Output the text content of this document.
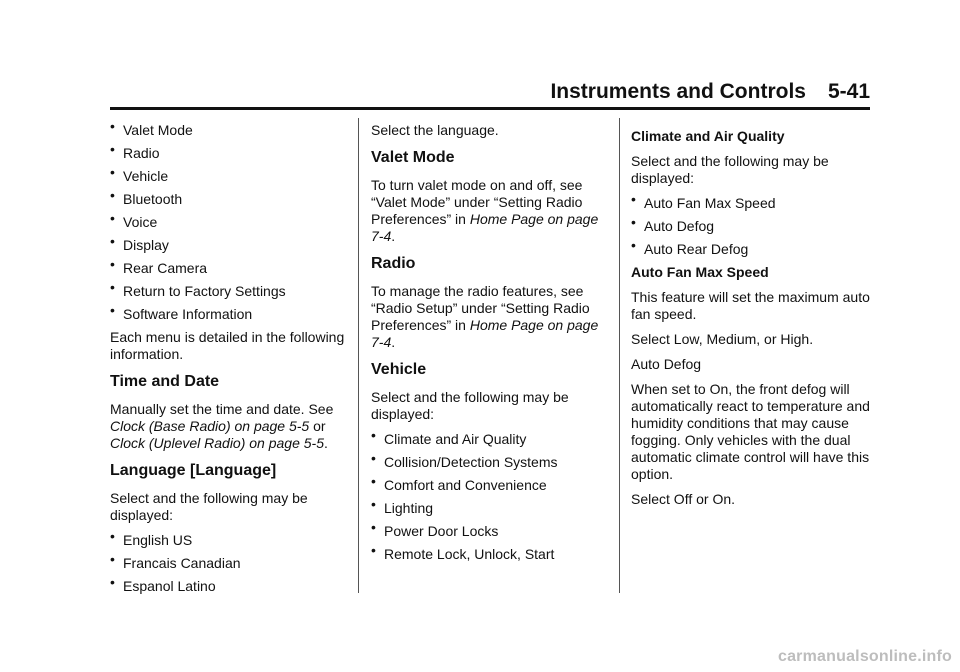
Instruments and Controls 5-41
• Valet Mode
• Radio
• Vehicle
• Bluetooth
• Voice
• Display
• Rear Camera
• Return to Factory Settings
• Software Information

Each menu is detailed in the following information.

Time and Date

Manually set the time and date. See Clock (Base Radio) on page 5-5 or Clock (Uplevel Radio) on page 5-5.

Language [Language]

Select and the following may be displayed:

• English US
• Francais Canadian
• Espanol Latino

Select the language.

Valet Mode

To turn valet mode on and off, see “Valet Mode” under “Setting Radio Preferences” in Home Page on page 7-4.

Radio

To manage the radio features, see “Radio Setup” under “Setting Radio Preferences” in Home Page on page 7-4.

Vehicle

Select and the following may be displayed:

• Climate and Air Quality
• Collision/Detection Systems
• Comfort and Convenience
• Lighting
• Power Door Locks
• Remote Lock, Unlock, Start

Climate and Air Quality

Select and the following may be displayed:

• Auto Fan Max Speed
• Auto Defog
• Auto Rear Defog

Auto Fan Max Speed

This feature will set the maximum auto fan speed.

Select Low, Medium, or High.

Auto Defog

When set to On, the front defog will automatically react to temperature and humidity conditions that may cause fogging. Only vehicles with the dual automatic climate control will have this option.

Select Off or On.

carmanualsonline.info
